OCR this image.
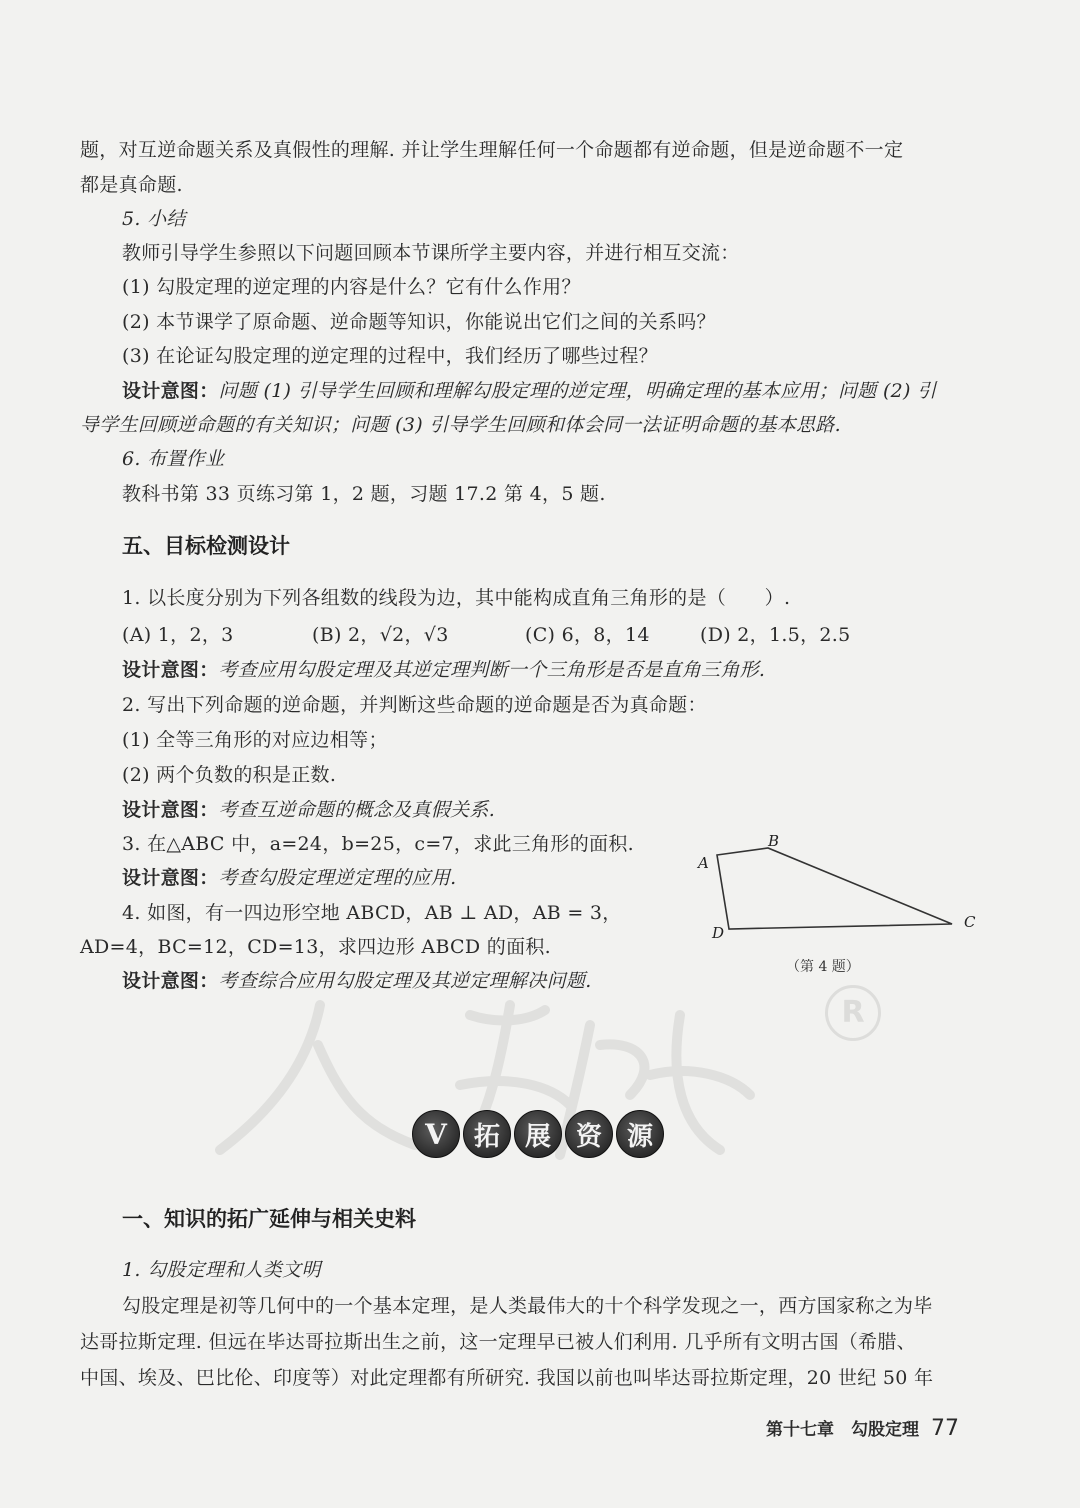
题，对互逆命题关系及真假性的理解. 并让学生理解任何一个命题都有逆命题，但是逆命题不一定
都是真命题.
5. 小结
教师引导学生参照以下问题回顾本节课所学主要内容，并进行相互交流：
(1) 勾股定理的逆定理的内容是什么？它有什么作用？
(2) 本节课学了原命题、逆命题等知识，你能说出它们之间的关系吗？
(3) 在论证勾股定理的逆定理的过程中，我们经历了哪些过程？
设计意图：问题 (1) 引导学生回顾和理解勾股定理的逆定理，明确定理的基本应用；问题 (2) 引
导学生回顾逆命题的有关知识；问题 (3) 引导学生回顾和体会同一法证明命题的基本思路.
6. 布置作业
教科书第 33 页练习第 1，2 题，习题 17.2 第 4，5 题.
五、目标检测设计
1. 以长度分别为下列各组数的线段为边，其中能构成直角三角形的是（　　）.
(A) 1，2，3	(B) 2，√2，√3	(C) 6，8，14	(D) 2，1.5，2.5
设计意图：考查应用勾股定理及其逆定理判断一个三角形是否是直角三角形.
2. 写出下列命题的逆命题，并判断这些命题的逆命题是否为真命题：
(1) 全等三角形的对应边相等；
(2) 两个负数的积是正数.
设计意图：考查互逆命题的概念及真假关系.
3. 在△ABC 中，a=24，b=25，c=7，求此三角形的面积.
设计意图：考查勾股定理逆定理的应用.
4. 如图，有一四边形空地 ABCD，AB ⊥ AD，AB = 3，
AD=4，BC=12，CD=13，求四边形 ABCD 的面积.
设计意图：考查综合应用勾股定理及其逆定理解决问题.
A
B
C
D
（第 4 题）
R
V	拓 展 资 源
一、知识的拓广延伸与相关史料
1. 勾股定理和人类文明
勾股定理是初等几何中的一个基本定理，是人类最伟大的十个科学发现之一，西方国家称之为毕
达哥拉斯定理. 但远在毕达哥拉斯出生之前，这一定理早已被人们利用. 几乎所有文明古国（希腊、
中国、埃及、巴比伦、印度等）对此定理都有所研究. 我国以前也叫毕达哥拉斯定理，20 世纪 50 年
第十七章　勾股定理 77
